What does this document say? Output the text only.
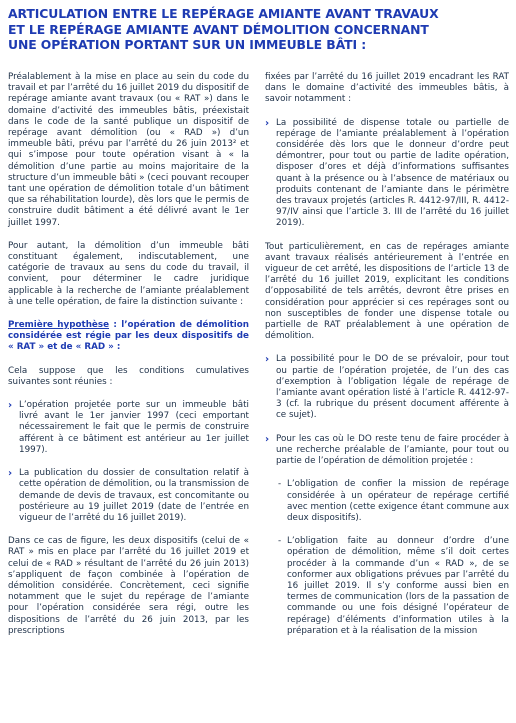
ARTICULATION ENTRE LE REPÉRAGE AMIANTE AVANT TRAVAUX
ET LE REPÉRAGE AMIANTE AVANT DÉMOLITION CONCERNANT
UNE OPÉRATION PORTANT SUR UN IMMEUBLE BÂTI :

Préalablement à la mise en place au sein du code du travail et par l’arrêté du 16 juillet 2019 du dispositif de repérage amiante avant travaux (ou « RAT ») dans le domaine d’activité des immeubles bâtis, préexistait dans le code de la santé publique un dispositif de repérage avant démolition (ou « RAD ») d’un immeuble bâti, prévu par l’arrêté du 26 juin 2013² et qui s’impose pour toute opération visant à « la démolition d’une partie au moins majoritaire de la structure d’un immeuble bâti » (ceci pouvant recouper tant une opération de démolition totale d’un bâtiment que sa réhabilitation lourde), dès lors que le permis de construire dudit bâtiment a été délivré avant le 1er juillet 1997.

Pour autant, la démolition d’un immeuble bâti constituant également, indiscutablement, une catégorie de travaux au sens du code du travail, il convient, pour déterminer le cadre juridique applicable à la recherche de l’amiante préalablement à une telle opération, de faire la distinction suivante :

Première hypothèse : l’opération de démolition considérée est régie par les deux dispositifs de « RAT » et de « RAD » :

Cela suppose que les conditions cumulatives suivantes sont réunies :

› L’opération projetée porte sur un immeuble bâti livré avant le 1er janvier 1997 (ceci emportant nécessairement le fait que le permis de construire afférent à ce bâtiment est antérieur au 1er juillet 1997).
› La publication du dossier de consultation relatif à cette opération de démolition, ou la transmission de demande de devis de travaux, est concomitante ou postérieure au 19 juillet 2019 (date de l’entrée en vigueur de l’arrêté du 16 juillet 2019).

Dans ce cas de figure, les deux dispositifs (celui de « RAT » mis en place par l’arrêté du 16 juillet 2019 et celui de « RAD » résultant de l’arrêté du 26 juin 2013) s’appliquent de façon combinée à l’opération de démolition considérée. Concrètement, ceci signifie notamment que le sujet du repérage de l’amiante pour l’opération considérée sera régi, outre les dispositions de l’arrêté du 26 juin 2013, par les prescriptions

fixées par l’arrêté du 16 juillet 2019 encadrant les RAT dans le domaine d’activité des immeubles bâtis, à savoir notamment :

› La possibilité de dispense totale ou partielle de repérage de l’amiante préalablement à l’opération considérée dès lors que le donneur d’ordre peut démontrer, pour tout ou partie de ladite opération, disposer d’ores et déjà d’informations suffisantes quant à la présence ou à l’absence de matériaux ou produits contenant de l’amiante dans le périmètre des travaux projetés (articles R. 4412-97/III, R. 4412-97/IV ainsi que l’article 3. III de l’arrêté du 16 juillet 2019).

Tout particulièrement, en cas de repérages amiante avant travaux réalisés antérieurement à l’entrée en vigueur de cet arrêté, les dispositions de l’article 13 de l’arrêté du 16 juillet 2019, explicitant les conditions d’opposabilité de tels arrêtés, devront être prises en considération pour apprécier si ces repérages sont ou non susceptibles de fonder une dispense totale ou partielle de RAT préalablement à une opération de démolition.

› La possibilité pour le DO de se prévaloir, pour tout ou partie de l’opération projetée, de l’un des cas d’exemption à l’obligation légale de repérage de l’amiante avant opération listé à l’article R. 4412-97-3 (cf. la rubrique du présent document afférente à ce sujet).
› Pour les cas où le DO reste tenu de faire procéder à une recherche préalable de l’amiante, pour tout ou partie de l’opération de démolition projetée :
- L’obligation de confier la mission de repérage considérée à un opérateur de repérage certifié avec mention (cette exigence étant commune aux deux dispositifs).
- L’obligation faite au donneur d’ordre d’une opération de démolition, même s’il doit certes procéder à la commande d’un « RAD », de se conformer aux obligations prévues par l’arrêté du 16 juillet 2019. Il s’y conforme aussi bien en termes de communication (lors de la passation de commande ou une fois désigné l’opérateur de repérage) d’éléments d’information utiles à la préparation et à la réalisation de la mission
